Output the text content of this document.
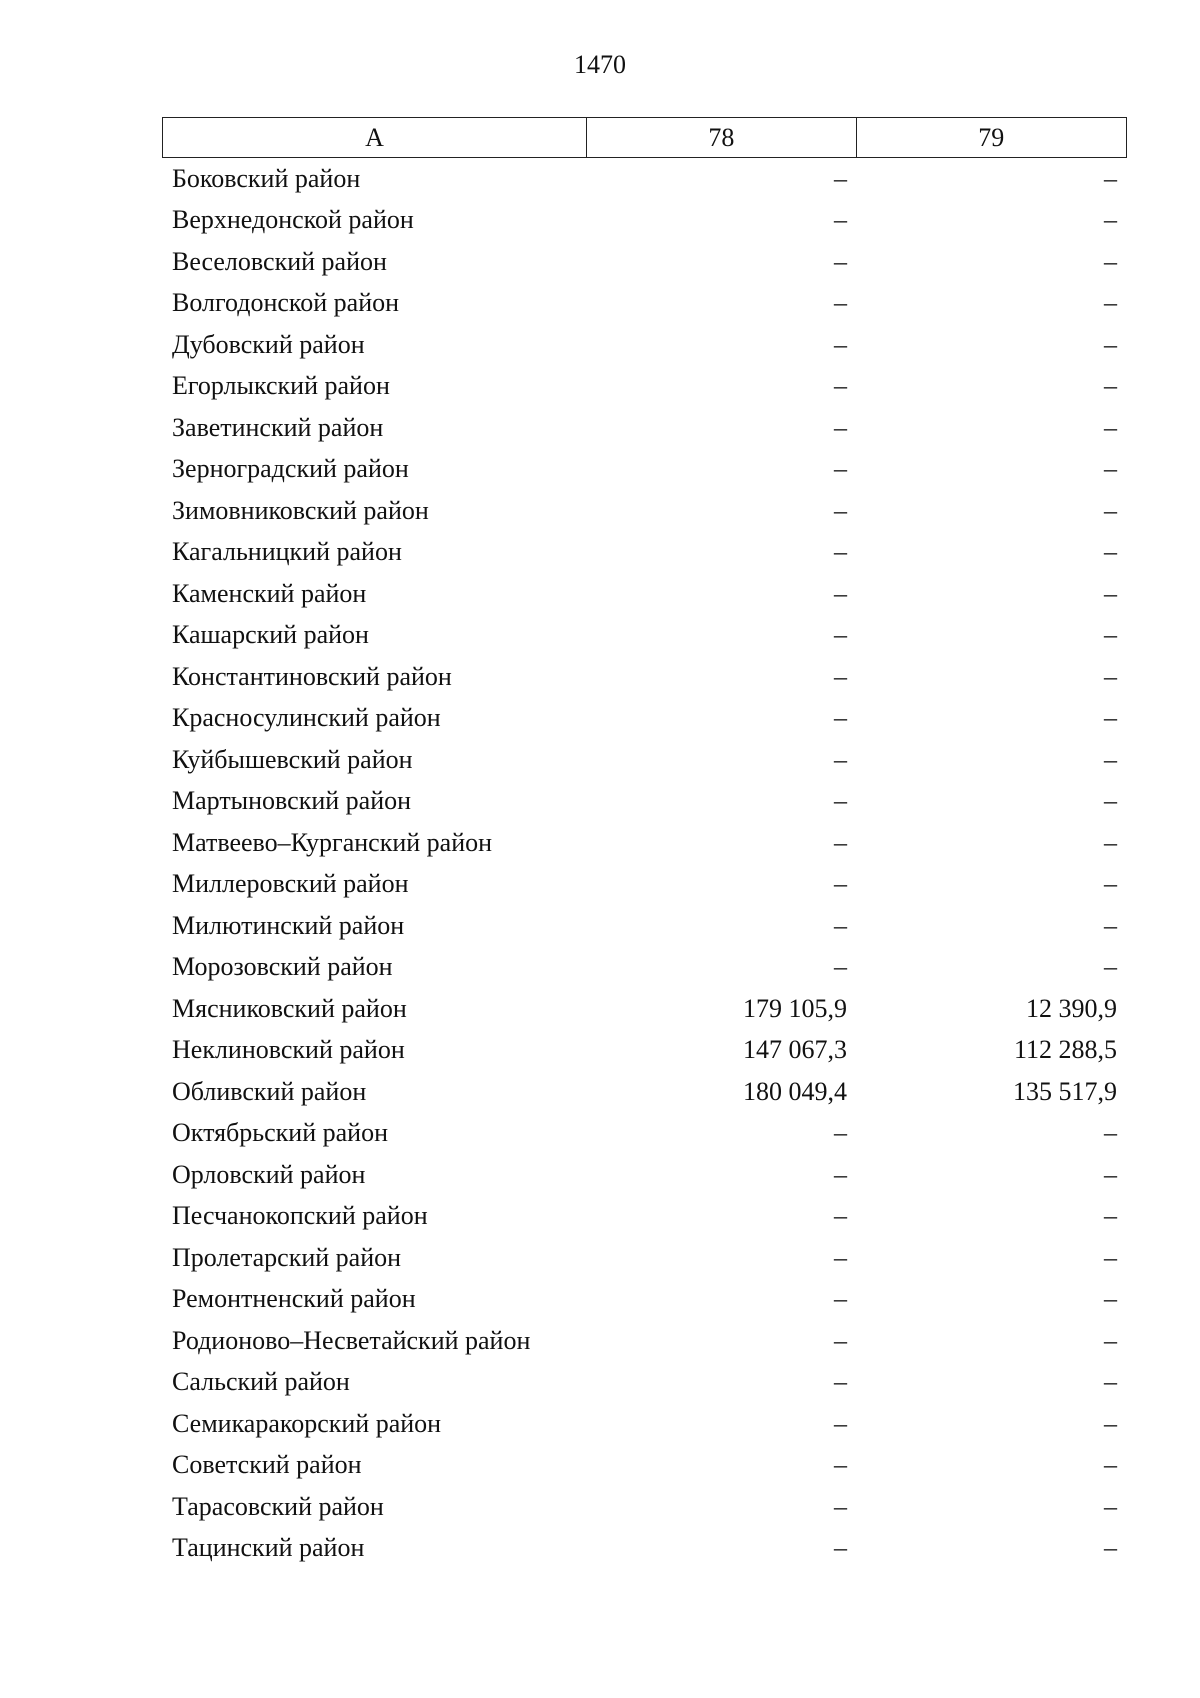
1470
А	78	79
Боковский район	–	–
Верхнедонской район	–	–
Веселовский район	–	–
Волгодонской район	–	–
Дубовский район	–	–
Егорлыкский район	–	–
Заветинский район	–	–
Зерноградский район	–	–
Зимовниковский район	–	–
Кагальницкий район	–	–
Каменский район	–	–
Кашарский район	–	–
Константиновский район	–	–
Красносулинский район	–	–
Куйбышевский район	–	–
Мартыновский район	–	–
Матвеево–Курганский район	–	–
Миллеровский район	–	–
Милютинский район	–	–
Морозовский район	–	–
Мясниковский район	179 105,9	12 390,9
Неклиновский район	147 067,3	112 288,5
Обливский район	180 049,4	135 517,9
Октябрьский район	–	–
Орловский район	–	–
Песчанокопский район	–	–
Пролетарский район	–	–
Ремонтненский район	–	–
Родионово–Несветайский район	–	–
Сальский район	–	–
Семикаракорский район	–	–
Советский район	–	–
Тарасовский район	–	–
Тацинский район	–	–
